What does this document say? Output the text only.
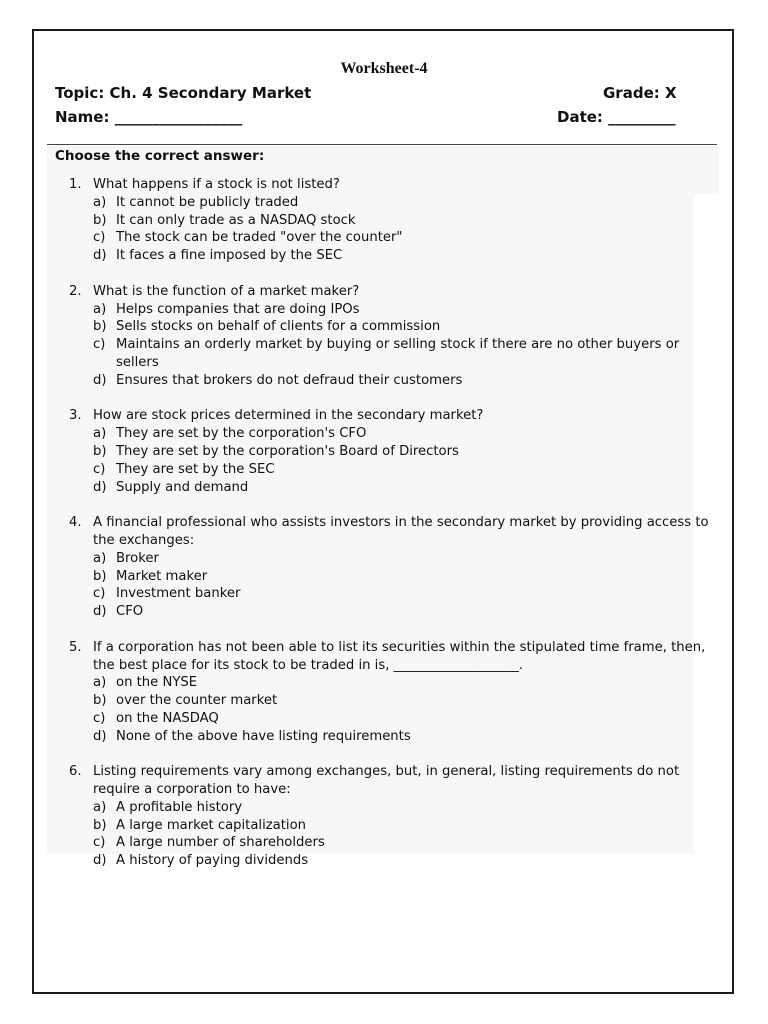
Worksheet-4
Topic: Ch. 4 Secondary Market	Grade: X
Name: _________________	Date: _________
Choose the correct answer:
1. What happens if a stock is not listed?
a) It cannot be publicly traded
b) It can only trade as a NASDAQ stock
c) The stock can be traded "over the counter"
d) It faces a fine imposed by the SEC
2. What is the function of a market maker?
a) Helps companies that are doing IPOs
b) Sells stocks on behalf of clients for a commission
c) Maintains an orderly market by buying or selling stock if there are no other buyers or sellers
d) Ensures that brokers do not defraud their customers
3. How are stock prices determined in the secondary market?
a) They are set by the corporation's CFO
b) They are set by the corporation's Board of Directors
c) They are set by the SEC
d) Supply and demand
4. A financial professional who assists investors in the secondary market by providing access to the exchanges:
a) Broker
b) Market maker
c) Investment banker
d) CFO
5. If a corporation has not been able to list its securities within the stipulated time frame, then, the best place for its stock to be traded in is, ___________________.
a) on the NYSE
b) over the counter market
c) on the NASDAQ
d) None of the above have listing requirements
6. Listing requirements vary among exchanges, but, in general, listing requirements do not require a corporation to have:
a) A profitable history
b) A large market capitalization
c) A large number of shareholders
d) A history of paying dividends
